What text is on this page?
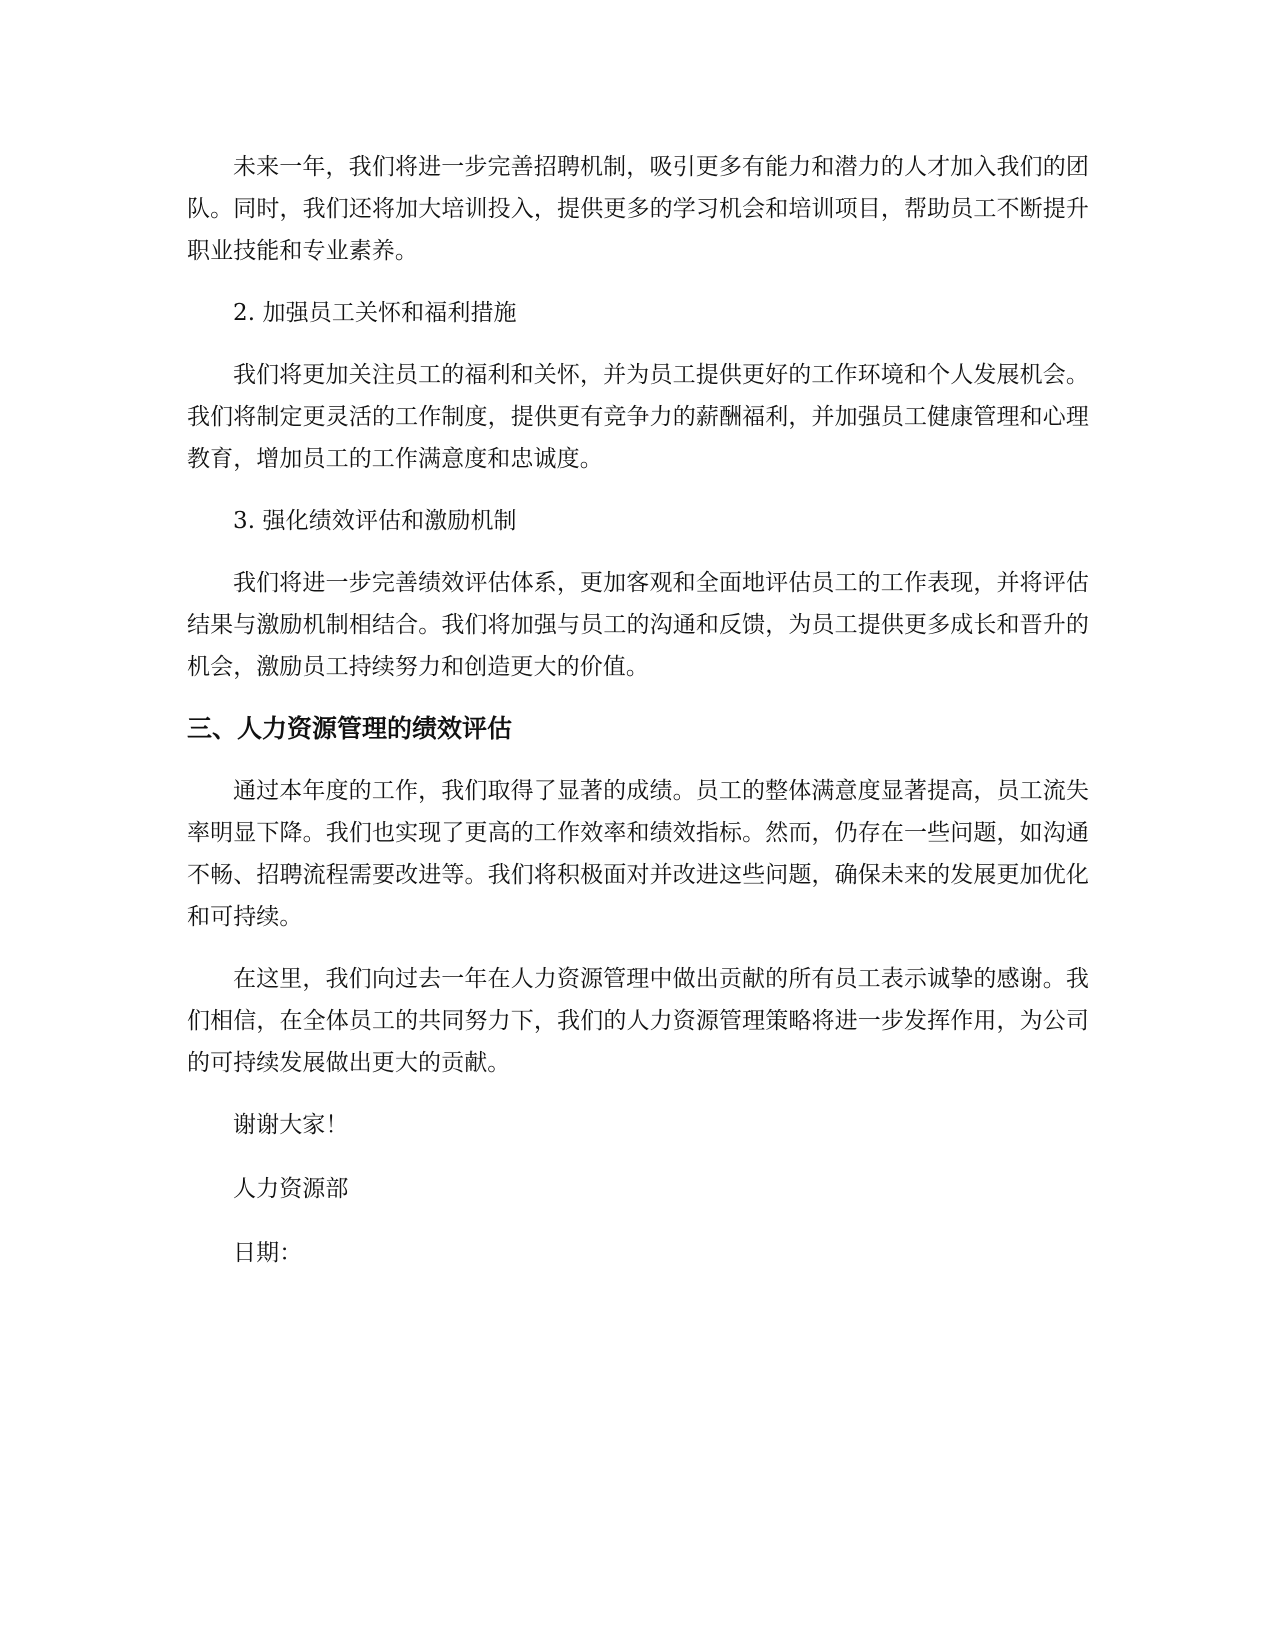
未来一年，我们将进一步完善招聘机制，吸引更多有能力和潜力的人才加入我们的团队。同时，我们还将加大培训投入，提供更多的学习机会和培训项目，帮助员工不断提升职业技能和专业素养。

2. 加强员工关怀和福利措施

我们将更加关注员工的福利和关怀，并为员工提供更好的工作环境和个人发展机会。我们将制定更灵活的工作制度，提供更有竞争力的薪酬福利，并加强员工健康管理和心理教育，增加员工的工作满意度和忠诚度。

3. 强化绩效评估和激励机制

我们将进一步完善绩效评估体系，更加客观和全面地评估员工的工作表现，并将评估结果与激励机制相结合。我们将加强与员工的沟通和反馈，为员工提供更多成长和晋升的机会，激励员工持续努力和创造更大的价值。

三、人力资源管理的绩效评估

通过本年度的工作，我们取得了显著的成绩。员工的整体满意度显著提高，员工流失率明显下降。我们也实现了更高的工作效率和绩效指标。然而，仍存在一些问题，如沟通不畅、招聘流程需要改进等。我们将积极面对并改进这些问题，确保未来的发展更加优化和可持续。

在这里，我们向过去一年在人力资源管理中做出贡献的所有员工表示诚挚的感谢。我们相信，在全体员工的共同努力下，我们的人力资源管理策略将进一步发挥作用，为公司的可持续发展做出更大的贡献。

谢谢大家！

人力资源部

日期：
